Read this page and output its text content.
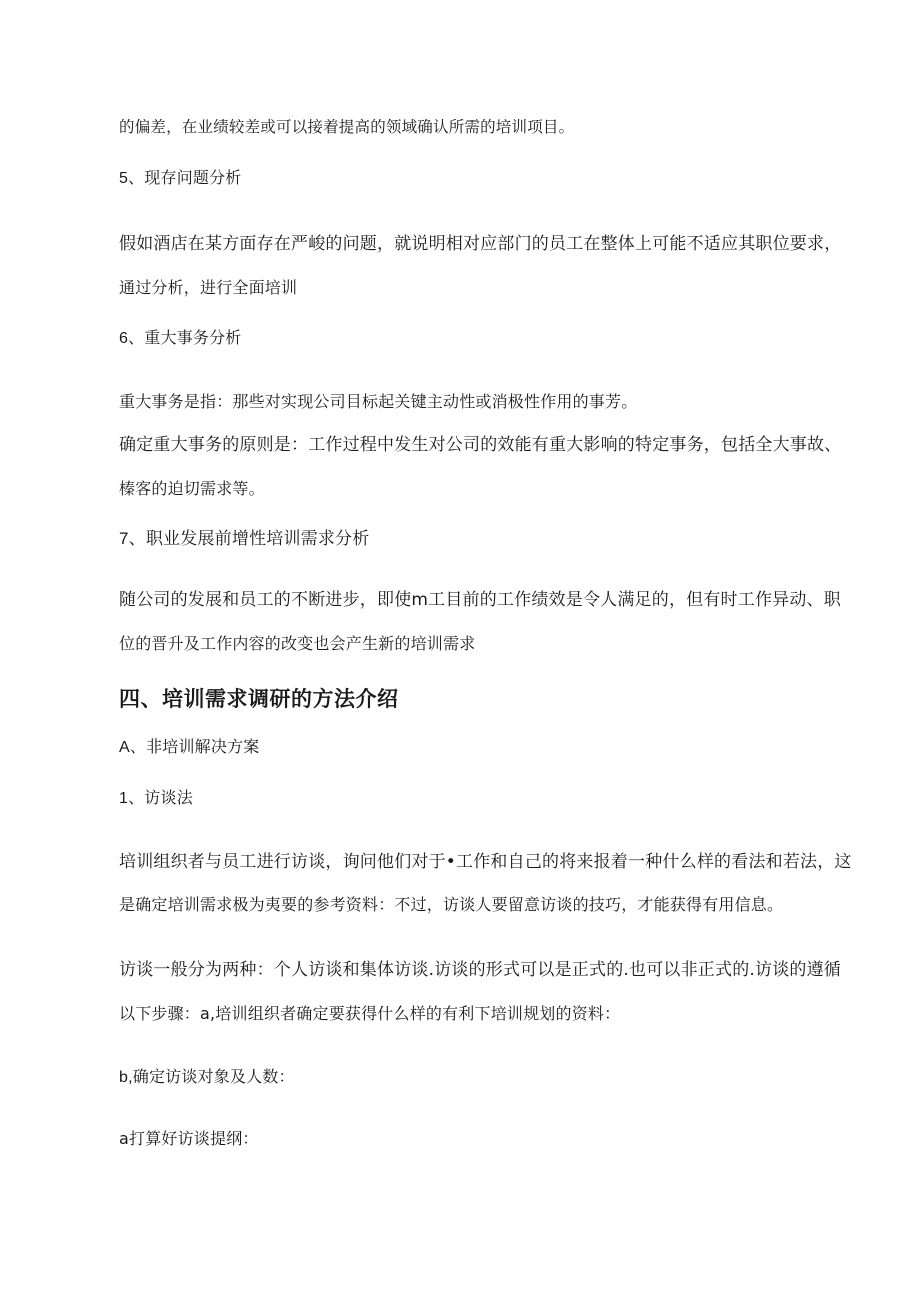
的偏差，在业绩较差或可以接着提高的领域确认所需的培训项目。
5、现存问题分析
假如酒店在某方面存在严峻的问题，就说明相对应部门的员工在整体上可能不适应其职位要求，
通过分析，进行全面培训
6、重大事务分析
重大事务是指：那些对实现公司目标起关键主动性或消极性作用的事芳。
确定重大事务的原则是：工作过程中发生对公司的效能有重大影响的特定事务，包括全大事故、
榛客的迫切需求等。
7、职业发展前增性培训需求分析
随公司的发展和员工的不断进步，即使m工目前的工作绩效是令人满足的，但有时工作异动、职
位的晋升及工作内容的改变也会产生新的培训需求
四、培训需求调研的方法介绍
A、非培训解决方案
1、访谈法
培训组织者与员工进行访谈，询问他们对于•工作和自己的将来报着一种什么样的看法和若法，这
是确定培训需求极为夷要的参考资料：不过，访谈人要留意访谈的技巧，才能获得有用信息。
访谈一般分为两种：个人访谈和集体访谈.访谈的形式可以是正式的.也可以非正式的.访谈的遵循
以下步骤：a,培训组织者确定要获得什么样的有利下培训规划的资料：
b,确定访谈对象及人数：
a打算好访谈提纲：
